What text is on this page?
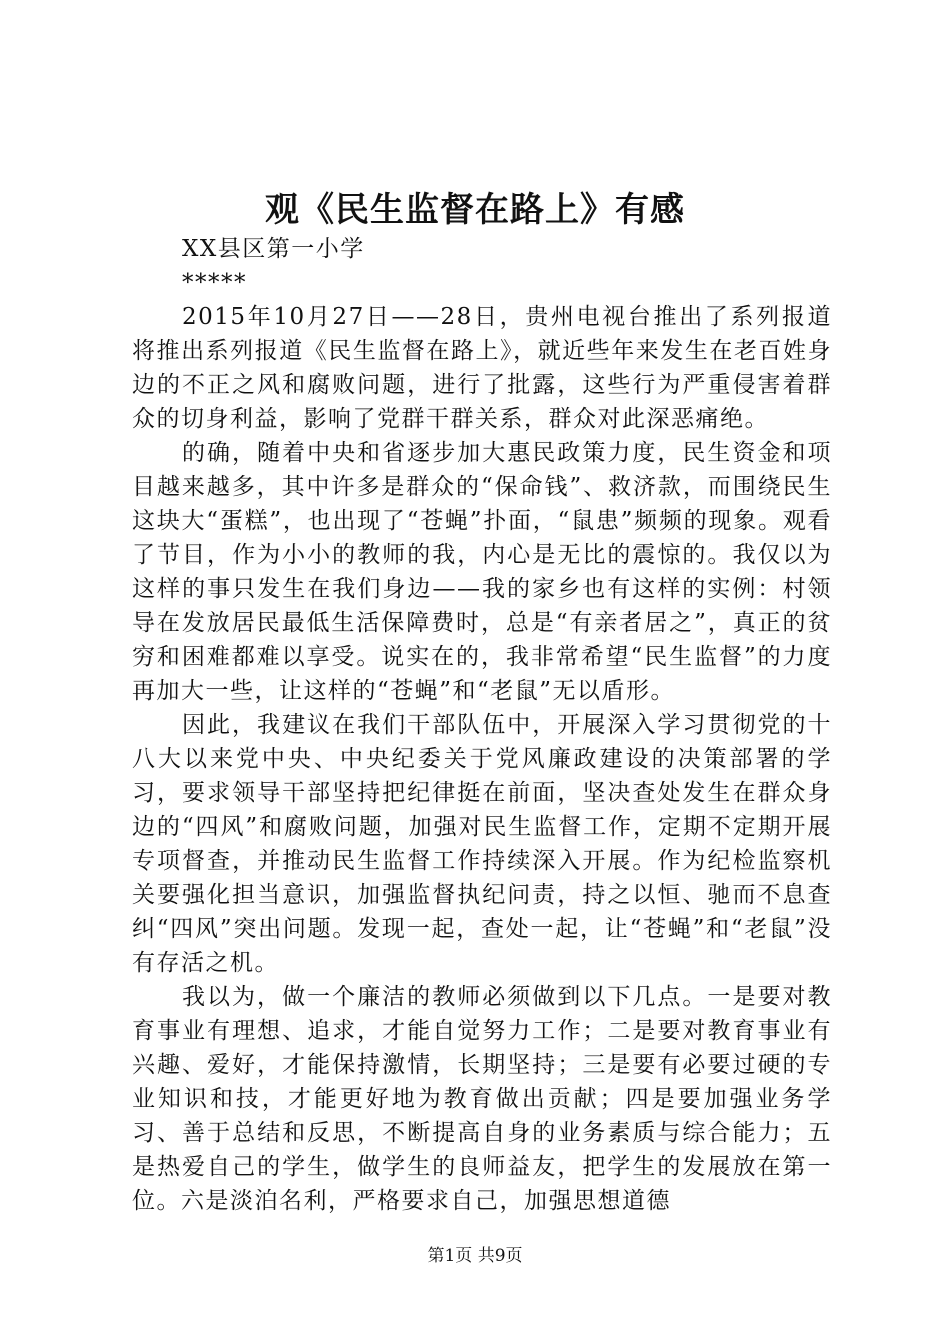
观《民生监督在路上》有感
XX县区第一小学
*****

2015年10月27日——28日，贵州电视台推出了系列报道将推出系列报道《民生监督在路上》，就近些年来发生在老百姓身边的不正之风和腐败问题，进行了批露，这些行为严重侵害着群众的切身利益，影响了党群干群关系，群众对此深恶痛绝。

的确，随着中央和省逐步加大惠民政策力度，民生资金和项目越来越多，其中许多是群众的“保命钱”、救济款，而围绕民生这块大“蛋糕”，也出现了“苍蝇”扑面，“鼠患”频频的现象。观看了节目，作为小小的教师的我，内心是无比的震惊的。我仅以为这样的事只发生在我们身边——我的家乡也有这样的实例：村领导在发放居民最低生活保障费时，总是“有亲者居之”，真正的贫穷和困难都难以享受。说实在的，我非常希望“民生监督”的力度再加大一些，让这样的“苍蝇”和“老鼠”无以盾形。

因此，我建议在我们干部队伍中，开展深入学习贯彻党的十八大以来党中央、中央纪委关于党风廉政建设的决策部署的学习，要求领导干部坚持把纪律挺在前面，坚决查处发生在群众身边的“四风”和腐败问题，加强对民生监督工作，定期不定期开展专项督查，并推动民生监督工作持续深入开展。作为纪检监察机关要强化担当意识，加强监督执纪问责，持之以恒、驰而不息查纠“四风”突出问题。发现一起，查处一起，让“苍蝇”和“老鼠”没有存活之机。

我以为，做一个廉洁的教师必须做到以下几点。一是要对教育事业有理想、追求，才能自觉努力工作；二是要对教育事业有兴趣、爱好，才能保持激情，长期坚持；三是要有必要过硬的专业知识和技，才能更好地为教育做出贡献；四是要加强业务学习、善于总结和反思，不断提高自身的业务素质与综合能力；五是热爱自己的学生，做学生的良师益友，把学生的发展放在第一位。六是淡泊名利，严格要求自己，加强思想道德

第1页 共9页
